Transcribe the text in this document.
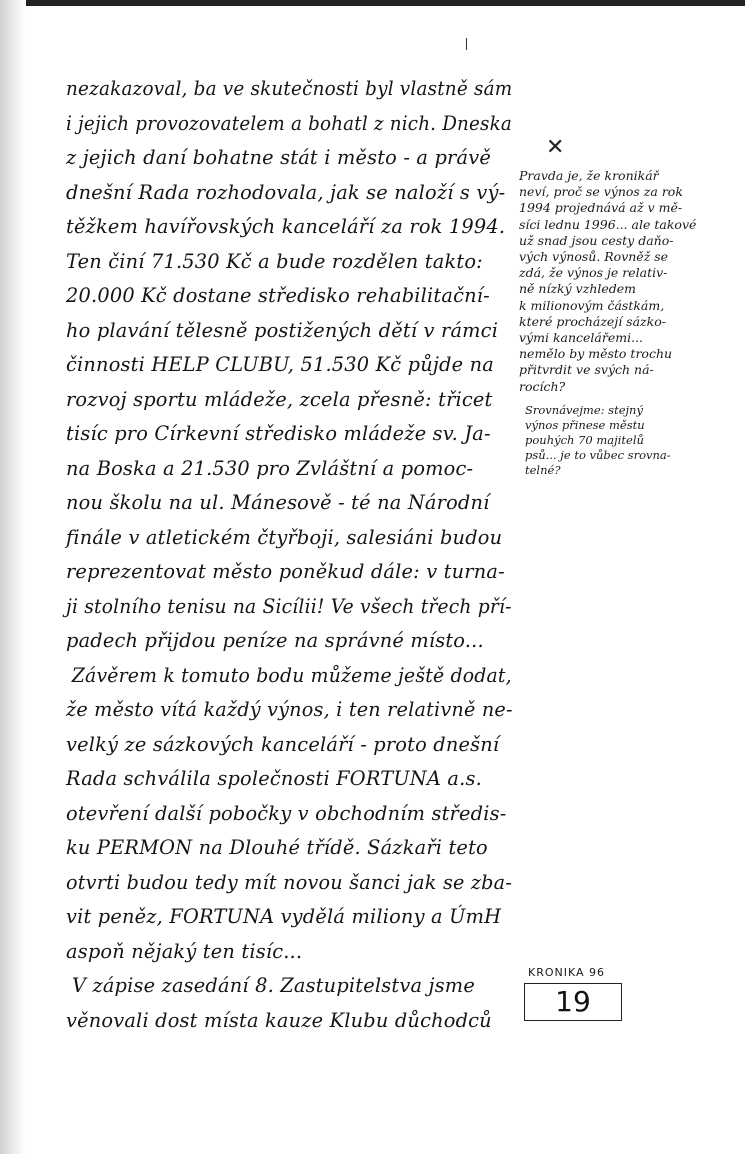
nezakazoval, ba ve skutečnosti byl vlastně sám
i jejich provozovatelem a bohatl z nich. Dneska
z jejich daní bohatne stát i město - a právě
dnešní Rada rozhodovala, jak se naloží s vý-
těžkem havířovských kanceláří za rok 1994.
Ten činí 71.530 Kč a bude rozdělen takto:
20.000 Kč dostane středisko rehabilitační-
ho plavání tělesně postižených dětí v rámci
činnosti HELP CLUBU, 51.530 Kč půjde na
rozvoj sportu mládeže, zcela přesně: třicet
tisíc pro Církevní středisko mládeže sv. Ja-
na Boska a 21.530 pro Zvláštní a pomoc-
nou školu na ul. Mánesově - té na Národní
finále v atletickém čtyřboji, salesiáni budou
reprezentovat město poněkud dále: v turna-
ji stolního tenisu na Sicílii! Ve všech třech pří-
padech přijdou peníze na správné místo...
Závěrem k tomuto bodu můžeme ještě dodat,
že město vítá každý výnos, i ten relativně ne-
velký ze sázkových kanceláří - proto dnešní
Rada schválila společnosti FORTUNA a.s.
otevření další pobočky v obchodním středis-
ku PERMON na Dlouhé třídě. Sázkaři teto
otvrti budou tedy mít novou šanci jak se zba-
vit peněz, FORTUNA vydělá miliony a ÚmH
aspoň nějaký ten tisíc...
V zápise zasedání 8. Zastupitelstva jsme
věnovali dost místa kauze Klubu důchodců
✕
Pravda je, že kronikář
neví, proč se výnos za rok
1994 projednává až v mě-
síci lednu 1996... ale takové
už snad jsou cesty daňo-
vých výnosů. Rovněž se
zdá, že výnos je relativ-
ně nízký vzhledem
k milionovým částkám,
které procházejí sázko-
vými kancelářemi...
nemělo by město trochu
přitvrdit ve svých ná-
rocích?
Srovnávejme: stejný
výnos přinese městu
pouhých 70 majitelů
psů... je to vůbec srovna-
telné?
KRONIKA 96
19
